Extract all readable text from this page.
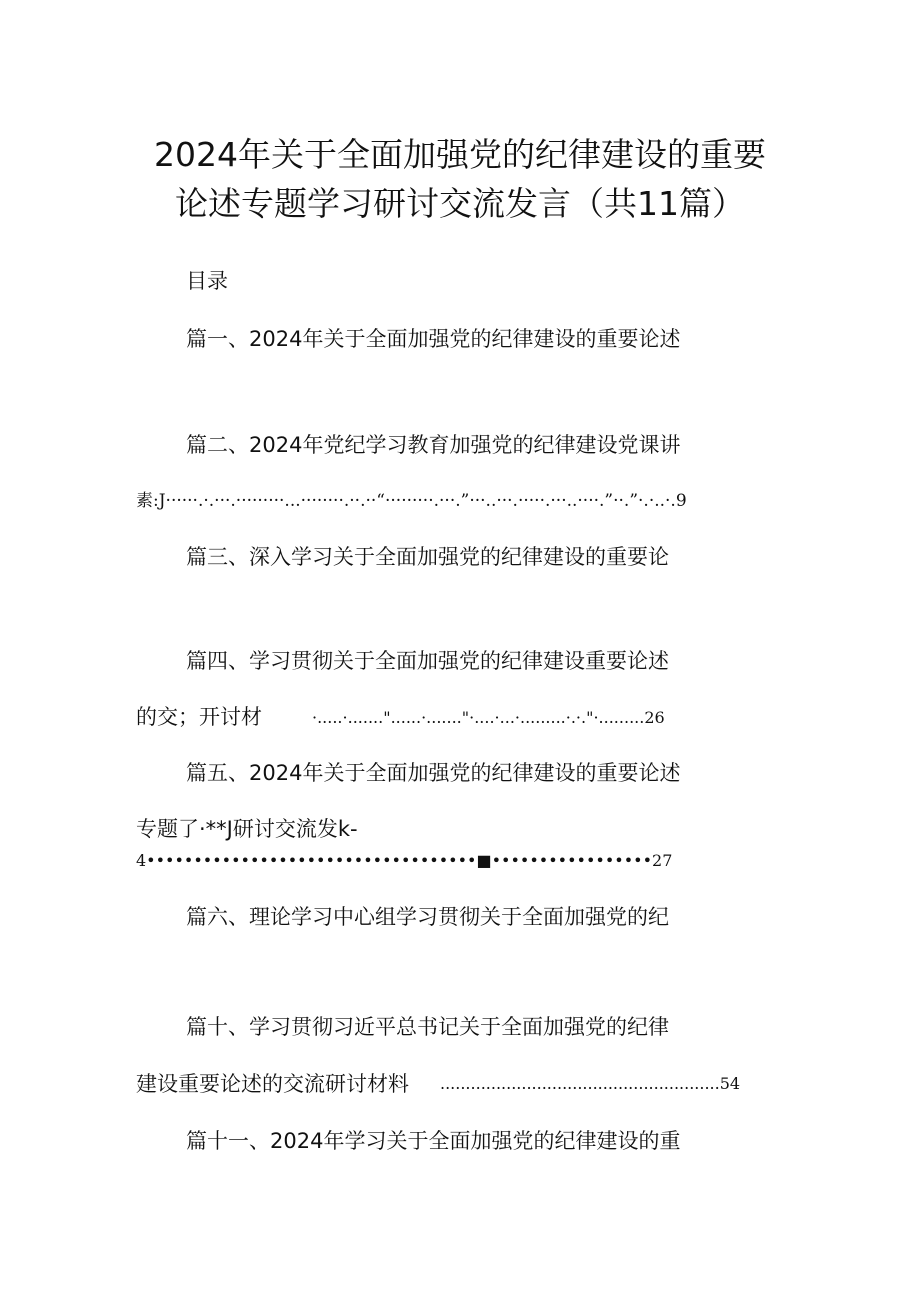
2024年关于全面加强党的纪律建设的重要
论述专题学习研讨交流发言（共11篇）
目录
篇一、2024年关于全面加强党的纪律建设的重要论述
篇二、2024年党纪学习教育加强党的纪律建设党课讲
素:J······.·.···.·········...········.··.··“·········.···.”···..···.·····.···..····.”··.”·.·..·.9
篇三、深入学习关于全面加强党的纪律建设的重要论
篇四、学习贯彻关于全面加强党的纪律建设重要论述
的交；开讨材	·.....·......."......·......."·....·...·.........·.·."·.........26
篇五、2024年关于全面加强党的纪律建设的重要论述
专题了·**J研讨交流发k-
4•••••••••••••••••••••••••••••••••••■•••••••••••••••••27
篇六、理论学习中心组学习贯彻关于全面加强党的纪
篇十、学习贯彻习近平总书记关于全面加强党的纪律
建设重要论述的交流研讨材料 .......................................................54
篇十一、2024年学习关于全面加强党的纪律建设的重
